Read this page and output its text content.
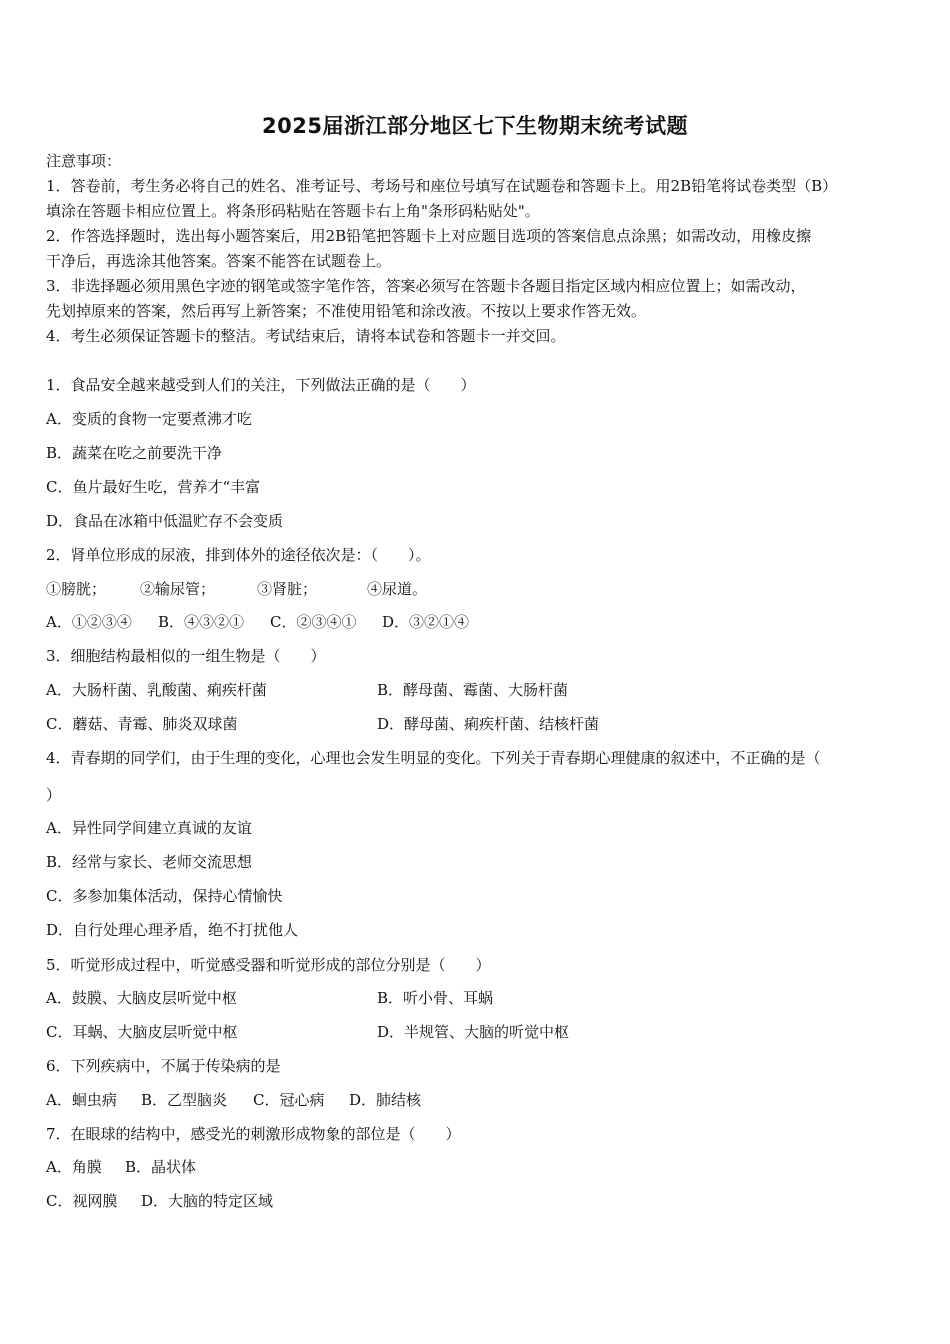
2025届浙江部分地区七下生物期末统考试题
注意事项：
1．答卷前，考生务必将自己的姓名、准考证号、考场号和座位号填写在试题卷和答题卡上。用2B铅笔将试卷类型（B）
填涂在答题卡相应位置上。将条形码粘贴在答题卡右上角"条形码粘贴处"。
2．作答选择题时，选出每小题答案后，用2B铅笔把答题卡上对应题目选项的答案信息点涂黑；如需改动，用橡皮擦
干净后，再选涂其他答案。答案不能答在试题卷上。
3．非选择题必须用黑色字迹的钢笔或签字笔作答，答案必须写在答题卡各题目指定区域内相应位置上；如需改动，
先划掉原来的答案，然后再写上新答案；不准使用铅笔和涂改液。不按以上要求作答无效。
4．考生必须保证答题卡的整洁。考试结束后，请将本试卷和答题卡一并交回。
1．食品安全越来越受到人们的关注，下列做法正确的是（　　）
A．变质的食物一定要煮沸才吃
B．蔬菜在吃之前要洗干净
C．鱼片最好生吃，营养才“丰富
D．食品在冰箱中低温贮存不会变质
2．肾单位形成的尿液，排到体外的途径依次是：（　　）。
①膀胱； ②输尿管；	③肾脏；	④尿道。
A．①②③④ B．④③②① C．②③④① D．③②①④
3．细胞结构最相似的一组生物是（　　）
A．大肠杆菌、乳酸菌、痢疾杆菌	B．酵母菌、霉菌、大肠杆菌
C．蘑菇、青霉、肺炎双球菌	D．酵母菌、痢疾杆菌、结核杆菌
4．青春期的同学们，由于生理的变化，心理也会发生明显的变化。下列关于青春期心理健康的叙述中，不正确的是（
）
A．异性同学间建立真诚的友谊
B．经常与家长、老师交流思想
C．多参加集体活动，保持心情愉快
D．自行处理心理矛盾，绝不打扰他人
5．听觉形成过程中，听觉感受器和听觉形成的部位分别是（　　）
A．鼓膜、大脑皮层听觉中枢	B．听小骨、耳蜗
C．耳蜗、大脑皮层听觉中枢	D．半规管、大脑的听觉中枢
6．下列疾病中，不属于传染病的是
A．蛔虫病 B．乙型脑炎 C．冠心病 D．肺结核
7．在眼球的结构中，感受光的刺激形成物象的部位是（　　）
A．角膜 B．晶状体
C．视网膜 D．大脑的特定区域
